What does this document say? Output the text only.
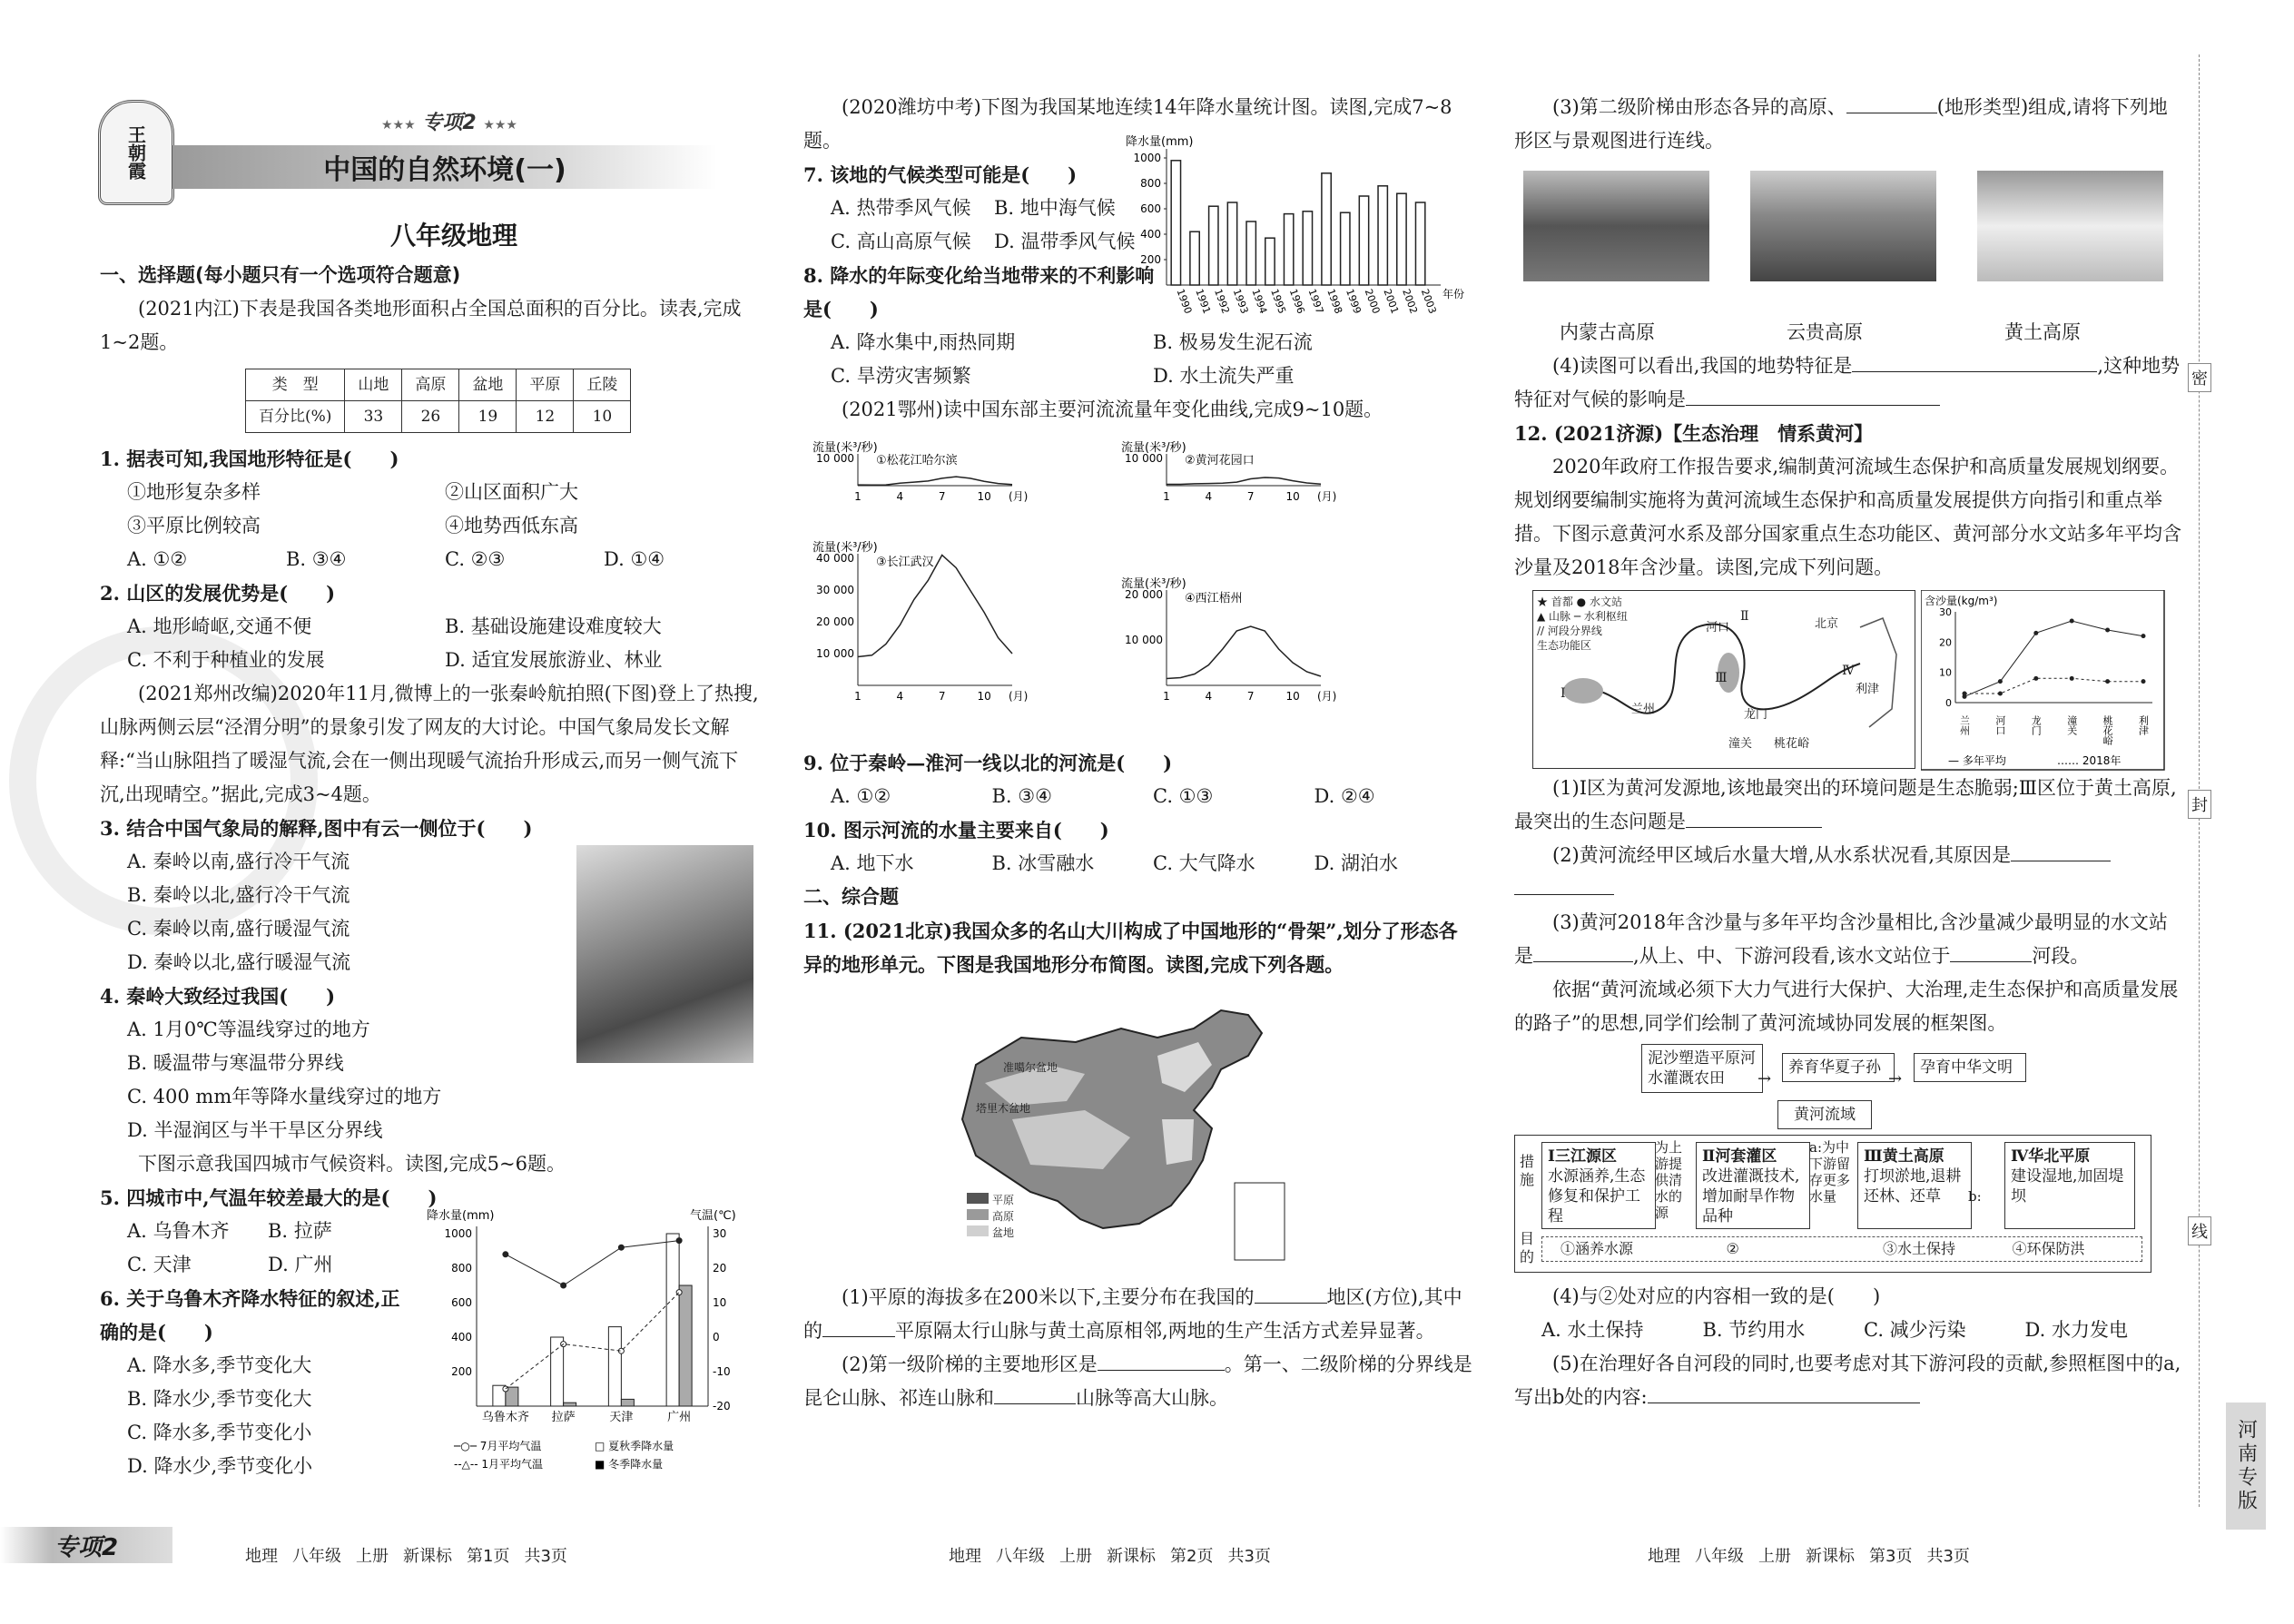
王朝霞	★★★ 专项2 ★★★
中国的自然环境(一)
八年级地理

一、选择题(每小题只有一个选项符合题意)

(2021内江)下表是我国各类地形面积占全国总面积的百分比。读表,完成1~2题。

类　型	山地	高原	盆地	平原	丘陵
百分比(%)	33	26	19	12	10

1. 据表可知,我国地形特征是(　　)

①地形复杂多样	②山区面积广大
③平原比例较高	④地势西低东高
A. ①②	B. ③④	C. ②③	D. ①④

2. 山区的发展优势是(　　)

A. 地形崎岖,交通不便	B. 基础设施建设难度较大
C. 不利于种植业的发展	D. 适宜发展旅游业、林业

(2021郑州改编)2020年11月,微博上的一张秦岭航拍照(下图)登上了热搜,山脉两侧云层“泾渭分明”的景象引发了网友的大讨论。中国气象局发长文解释:“当山脉阻挡了暖湿气流,会在一侧出现暖气流抬升形成云,而另一侧气流下沉,出现晴空。”据此,完成3~4题。

3. 结合中国气象局的解释,图中有云一侧位于(　　)

A. 秦岭以南,盛行冷干气流

B. 秦岭以北,盛行冷干气流

C. 秦岭以南,盛行暖湿气流

D. 秦岭以北,盛行暖湿气流

4. 秦岭大致经过我国(　　)

A. 1月0℃等温线穿过的地方

B. 暖温带与寒温带分界线

C. 400 mm年等降水量线穿过的地方

D. 半湿润区与半干旱区分界线

下图示意我国四城市气候资料。读图,完成5~6题。

5. 四城市中,气温年较差最大的是(　　)

A. 乌鲁木齐	B. 拉萨
C. 天津	D. 广州

6. 关于乌鲁木齐降水特征的叙述,正确的是(　　)

A. 降水多,季节变化大

B. 降水少,季节变化大

C. 降水多,季节变化小

D. 降水少,季节变化小

降水量(mm)	气温(℃)
200
400
600
800
1000
-20
-10
0
10
20
30
乌鲁木齐 拉萨	天津	广州
─○─ 7月平均气温
--△-- 1月平均气温
□ 夏秋季降水量
■ 冬季降水量

(2020潍坊中考)下图为我国某地连续14年降水量统计图。读图,完成7~8题。	降水量(mm)
200
400
600
800
1000
1990
1991
1992
1993
1994
1995
1996
1997
1998
1999
2000
2001
2002
2003 年份

7. 该地的气候类型可能是(　　)

A. 热带季风气候	B. 地中海气候
C. 高山高原气候	D. 温带季风气候

8. 降水的年际变化给当地带来的不利影响是(　　)

A. 降水集中,雨热同期	B. 极易发生泥石流
C. 旱涝灾害频繁	D. 水土流失严重

(2021鄂州)读中国东部主要河流流量年变化曲线,完成9~10题。

流量(米³/秒)
①松花江哈尔滨
10 000
1	4	7	10 (月)
流量(米³/秒)
②黄河花园口
10 000
1	4	7	10 (月)
流量(米³/秒)
③长江武汉
10 000
20 000
30 000
40 000
1	4	7	10 (月)
流量(米³/秒)
④西江梧州
10 000
20 000
1	4	7	10 (月)

9. 位于秦岭—淮河一线以北的河流是(　　)

A. ①②	B. ③④	C. ①③	D. ②④

10. 图示河流的水量主要来自(　　)

A. 地下水	B. 冰雪融水	C. 大气降水	D. 湖泊水

二、综合题

11. (2021北京)我国众多的名山大川构成了中国地形的“骨架”,划分了形态各异的地形单元。下图是我国地形分布简图。读图,完成下列各题。

准噶尔盆地
塔里木盆地
平原
高原
盆地

(1)平原的海拔多在200米以下,主要分布在我国的	地区(方位),其中的	平原隔太行山脉与黄土高原相邻,两地的生产生活方式差异显著。

(2)第一级阶梯的主要地形区是	。第一、二级阶梯的分界线是昆仑山脉、祁连山脉和	山脉等高大山脉。

(3)第二级阶梯由形态各异的高原、	(地形类型)组成,请将下列地形区与景观图进行连线。

内蒙古高原	云贵高原	黄土高原

(4)读图可以看出,我国的地势特征是	,这种地势特征对气候的影响是

12. (2021济源)【生态治理　情系黄河】

2020年政府工作报告要求,编制黄河流域生态保护和高质量发展规划纲要。规划纲要编制实施将为黄河流域生态保护和高质量发展提供方向指引和重点举措。下图示意黄河水系及部分国家重点生态功能区、黄河部分水文站多年平均含沙量及2018年含沙量。读图,完成下列问题。

★ 首都 ● 水文站
▲ 山脉 ─ 水利枢纽
// 河段分界线
生态功能区
兰州
河口	北京
利津
潼关 桃花峪
龙门
Ⅰ
Ⅱ
Ⅲ	Ⅳ
含沙量(kg/m³)
0
10
20
30
兰州 河口 龙门 潼关 桃花峪 利津
— 多年平均	…… 2018年

(1)Ⅰ区为黄河发源地,该地最突出的环境问题是生态脆弱;Ⅲ区位于黄土高原,最突出的生态问题是

(2)黄河流经甲区域后水量大增,从水系状况看,其原因是

(3)黄河2018年含沙量与多年平均含沙量相比,含沙量减少最明显的水文站是	,从上、中、下游河段看,该水文站位于	河段。

依据“黄河流域必须下大力气进行大保护、大治理,走生态保护和高质量发展的路子”的思想,同学们绘制了黄河流域协同发展的框架图。

泥沙塑造平原河水灌溉农田
养育华夏子孙	孕育中华文明
→	→
黄河流域
措施
目的
Ⅰ三江源区
水源涵养,生态修复和保护工程
为上游提供清水的源
Ⅱ河套灌区
改进灌溉技术,增加耐旱作物品种
a:为中下游留存更多水量
Ⅲ黄土高原
打坝淤地,退耕还林、还草	b:
Ⅳ华北平原
建设湿地,加固堤坝
①涵养水源	②	③水土保持	④环保防洪

(4)与②处对应的内容相一致的是(　　)

A. 水土保持	B. 节约用水	C. 减少污染	D. 水力发电

(5)在治理好各自河段的同时,也要考虑对其下游河段的贡献,参照框图中的a,写出b处的内容:

密
封
线
河南专版
专项2	地理 八年级 上册 新课标 第1页 共3页	地理 八年级 上册 新课标 第2页 共3页	地理 八年级 上册 新课标 第3页 共3页
